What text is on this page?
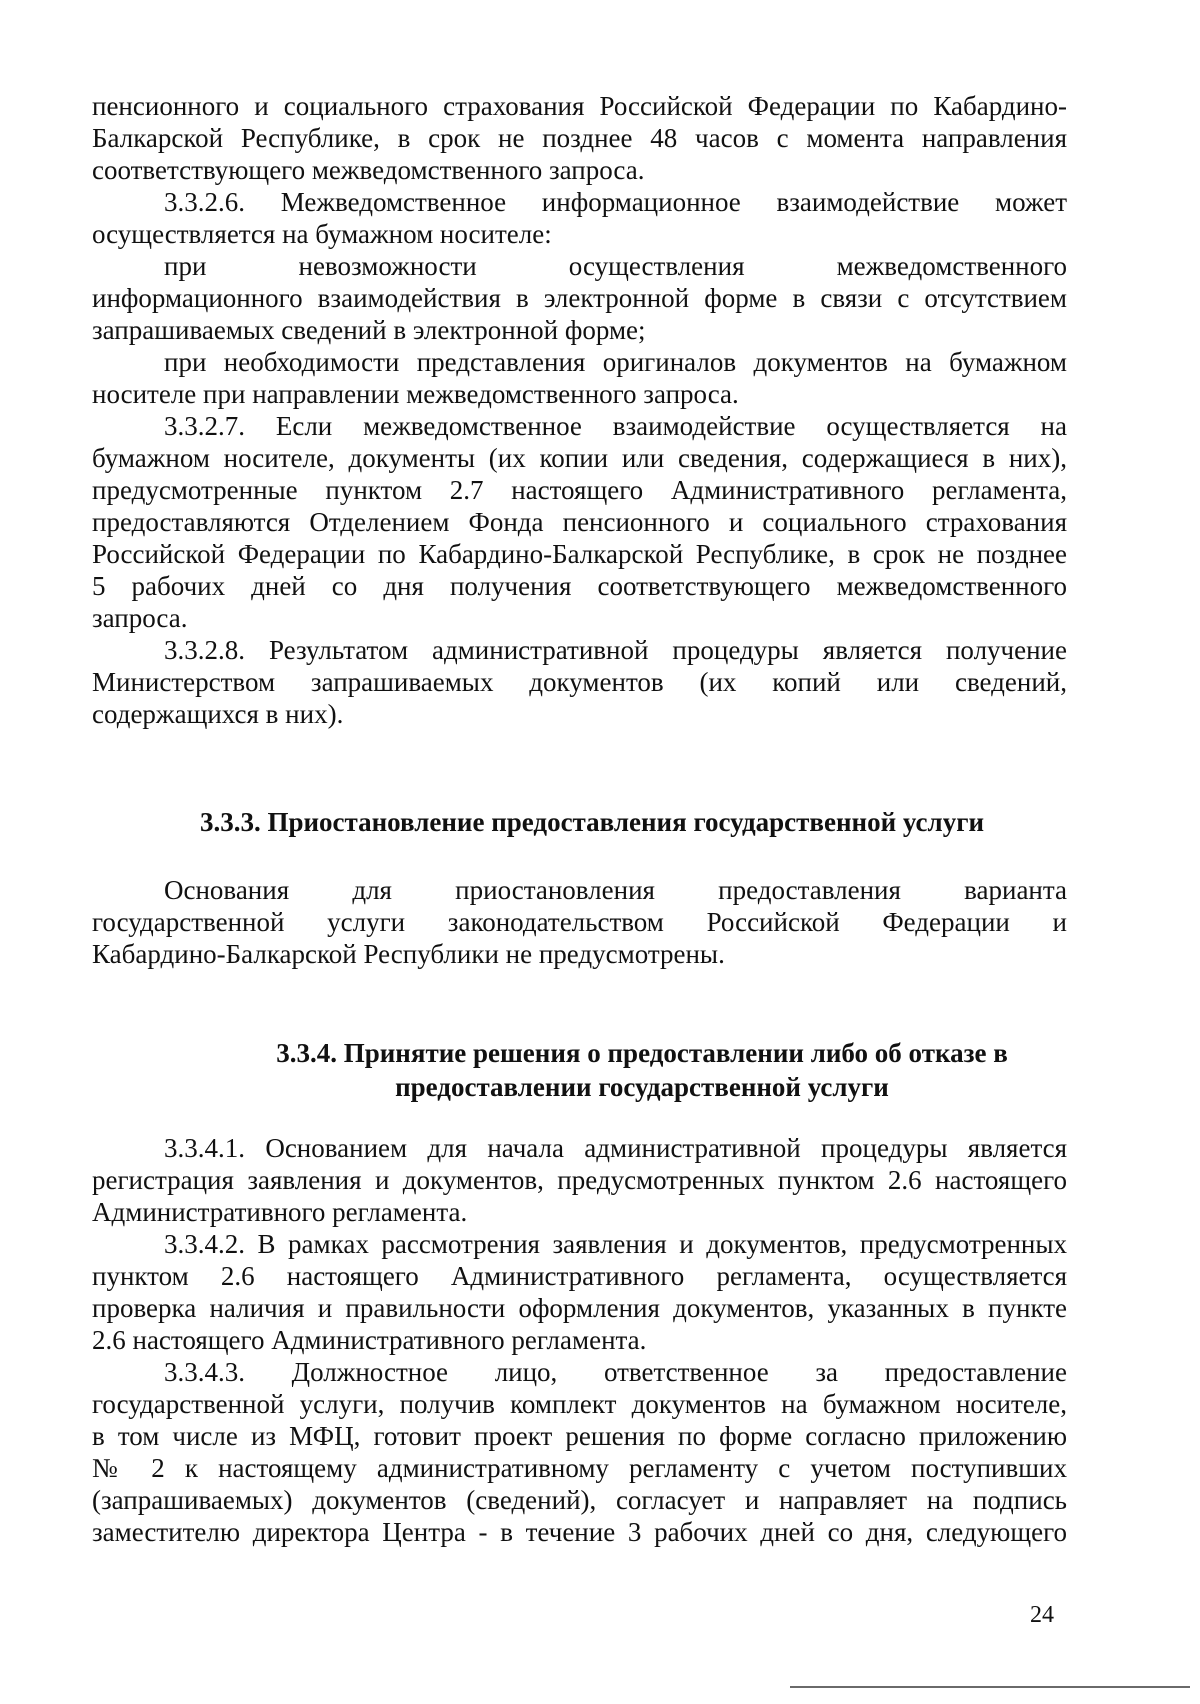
пенсионного и социального страхования Российской Федерации по Кабардино-
Балкарской Республике, в срок не позднее 48 часов с момента направления
соответствующего межведомственного запроса.
3.3.2.6. Межведомственное информационное взаимодействие может
осуществляется на бумажном носителе:
при невозможности осуществления межведомственного
информационного взаимодействия в электронной форме в связи с отсутствием
запрашиваемых сведений в электронной форме;
при необходимости представления оригиналов документов на бумажном
носителе при направлении межведомственного запроса.
3.3.2.7. Если межведомственное взаимодействие осуществляется на
бумажном носителе, документы (их копии или сведения, содержащиеся в них),
предусмотренные пунктом 2.7 настоящего Административного регламента,
предоставляются Отделением Фонда пенсионного и социального страхования
Российской Федерации по Кабардино-Балкарской Республике, в срок не позднее
5 рабочих дней со дня получения соответствующего межведомственного
запроса.
3.3.2.8. Результатом административной процедуры является получение
Министерством запрашиваемых документов (их копий или сведений,
содержащихся в них).
3.3.3. Приостановление предоставления государственной услуги
Основания для приостановления предоставления варианта
государственной услуги законодательством Российской Федерации и
Кабардино-Балкарской Республики не предусмотрены.
3.3.4. Принятие решения о предоставлении либо об отказе в
предоставлении государственной услуги
3.3.4.1. Основанием для начала административной процедуры является
регистрация заявления и документов, предусмотренных пунктом 2.6 настоящего
Административного регламента.
3.3.4.2. В рамках рассмотрения заявления и документов, предусмотренных
пунктом 2.6 настоящего Административного регламента, осуществляется
проверка наличия и правильности оформления документов, указанных в пункте
2.6 настоящего Административного регламента.
3.3.4.3. Должностное лицо, ответственное за предоставление
государственной услуги, получив комплект документов на бумажном носителе,
в том числе из МФЦ, готовит проект решения по форме согласно приложению
№ 2 к настоящему административному регламенту с учетом поступивших
(запрашиваемых) документов (сведений), согласует и направляет на подпись
заместителю директора Центра - в течение 3 рабочих дней со дня, следующего
24
